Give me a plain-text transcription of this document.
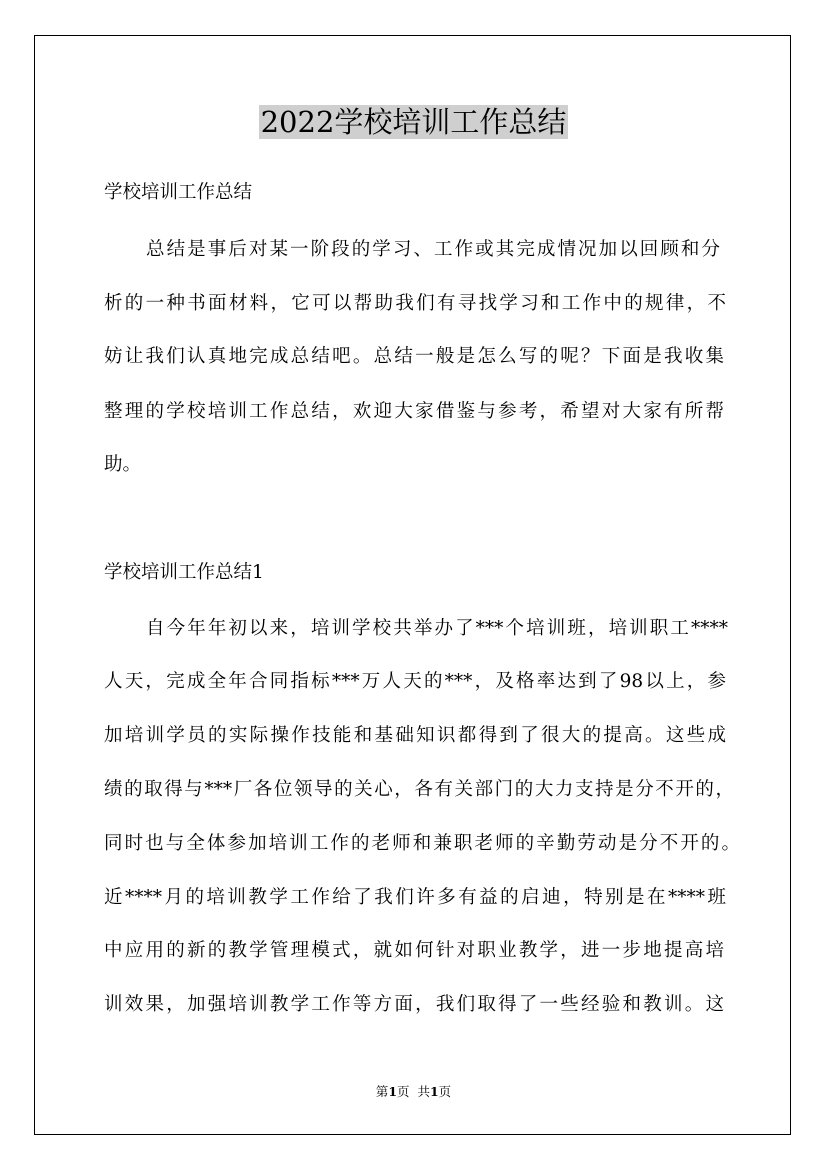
2022学校培训工作总结
学校培训工作总结
总结是事后对某一阶段的学习、工作或其完成情况加以回顾和分
析的一种书面材料，它可以帮助我们有寻找学习和工作中的规律，不
妨让我们认真地完成总结吧。总结一般是怎么写的呢？下面是我收集
整理的学校培训工作总结，欢迎大家借鉴与参考，希望对大家有所帮
助。
学校培训工作总结1
自今年年初以来，培训学校共举办了***个培训班，培训职工****
人天，完成全年合同指标***万人天的***，及格率达到了98以上，参
加培训学员的实际操作技能和基础知识都得到了很大的提高。这些成
绩的取得与***厂各位领导的关心，各有关部门的大力支持是分不开的，
同时也与全体参加培训工作的老师和兼职老师的辛勤劳动是分不开的。
近****月的培训教学工作给了我们许多有益的启迪，特别是在****班
中应用的新的教学管理模式，就如何针对职业教学，进一步地提高培
训效果，加强培训教学工作等方面，我们取得了一些经验和教训。这
第1页  共1页
